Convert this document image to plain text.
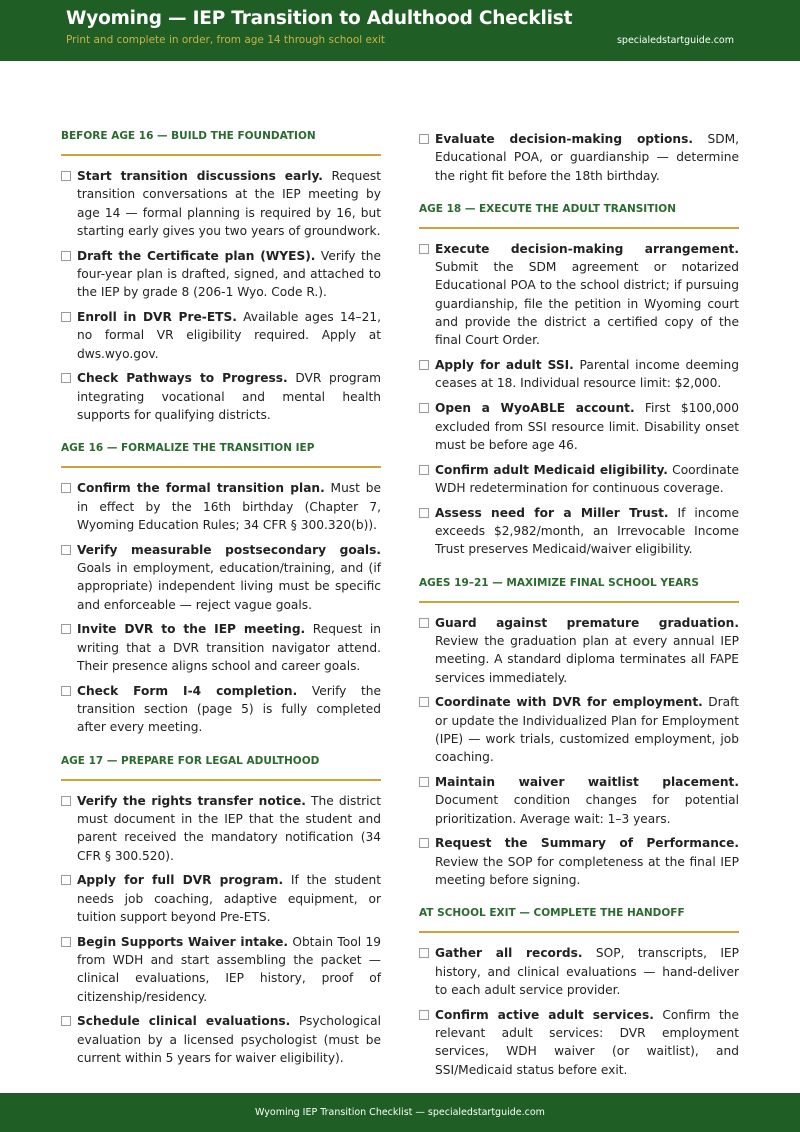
Wyoming — IEP Transition to Adulthood Checklist
Print and complete in order, from age 14 through school exit	specialedstartguide.com
BEFORE AGE 16 — BUILD THE FOUNDATION
Start transition discussions early. Request transition conversations at the IEP meeting by age 14 — formal planning is required by 16, but starting early gives you two years of groundwork.
Draft the Certificate plan (WYES). Verify the four-year plan is drafted, signed, and attached to the IEP by grade 8 (206-1 Wyo. Code R.).
Enroll in DVR Pre-ETS. Available ages 14–21, no formal VR eligibility required. Apply at dws.wyo.gov.
Check Pathways to Progress. DVR program integrating vocational and mental health supports for qualifying districts.
AGE 16 — FORMALIZE THE TRANSITION IEP
Confirm the formal transition plan. Must be in effect by the 16th birthday (Chapter 7, Wyoming Education Rules; 34 CFR § 300.320(b)).
Verify measurable postsecondary goals. Goals in employment, education/training, and (if appropriate) independent living must be specific and enforceable — reject vague goals.
Invite DVR to the IEP meeting. Request in writing that a DVR transition navigator attend. Their presence aligns school and career goals.
Check Form I-4 completion. Verify the transition section (page 5) is fully completed after every meeting.
AGE 17 — PREPARE FOR LEGAL ADULTHOOD
Verify the rights transfer notice. The district must document in the IEP that the student and parent received the mandatory notification (34 CFR § 300.520).
Apply for full DVR program. If the student needs job coaching, adaptive equipment, or tuition support beyond Pre-ETS.
Begin Supports Waiver intake. Obtain Tool 19 from WDH and start assembling the packet — clinical evaluations, IEP history, proof of citizenship/residency.
Schedule clinical evaluations. Psychological evaluation by a licensed psychologist (must be current within 5 years for waiver eligibility).
Evaluate decision-making options. SDM, Educational POA, or guardianship — determine the right fit before the 18th birthday.
AGE 18 — EXECUTE THE ADULT TRANSITION
Execute decision-making arrangement. Submit the SDM agreement or notarized Educational POA to the school district; if pursuing guardianship, file the petition in Wyoming court and provide the district a certified copy of the final Court Order.
Apply for adult SSI. Parental income deeming ceases at 18. Individual resource limit: $2,000.
Open a WyoABLE account. First $100,000 excluded from SSI resource limit. Disability onset must be before age 46.
Confirm adult Medicaid eligibility. Coordinate WDH redetermination for continuous coverage.
Assess need for a Miller Trust. If income exceeds $2,982/month, an Irrevocable Income Trust preserves Medicaid/waiver eligibility.
AGES 19–21 — MAXIMIZE FINAL SCHOOL YEARS
Guard against premature graduation. Review the graduation plan at every annual IEP meeting. A standard diploma terminates all FAPE services immediately.
Coordinate with DVR for employment. Draft or update the Individualized Plan for Employment (IPE) — work trials, customized employment, job coaching.
Maintain waiver waitlist placement. Document condition changes for potential prioritization. Average wait: 1–3 years.
Request the Summary of Performance. Review the SOP for completeness at the final IEP meeting before signing.
AT SCHOOL EXIT — COMPLETE THE HANDOFF
Gather all records. SOP, transcripts, IEP history, and clinical evaluations — hand-deliver to each adult service provider.
Confirm active adult services. Confirm the relevant adult services: DVR employment services, WDH waiver (or waitlist), and SSI/Medicaid status before exit.
Wyoming IEP Transition Checklist — specialedstartguide.com
